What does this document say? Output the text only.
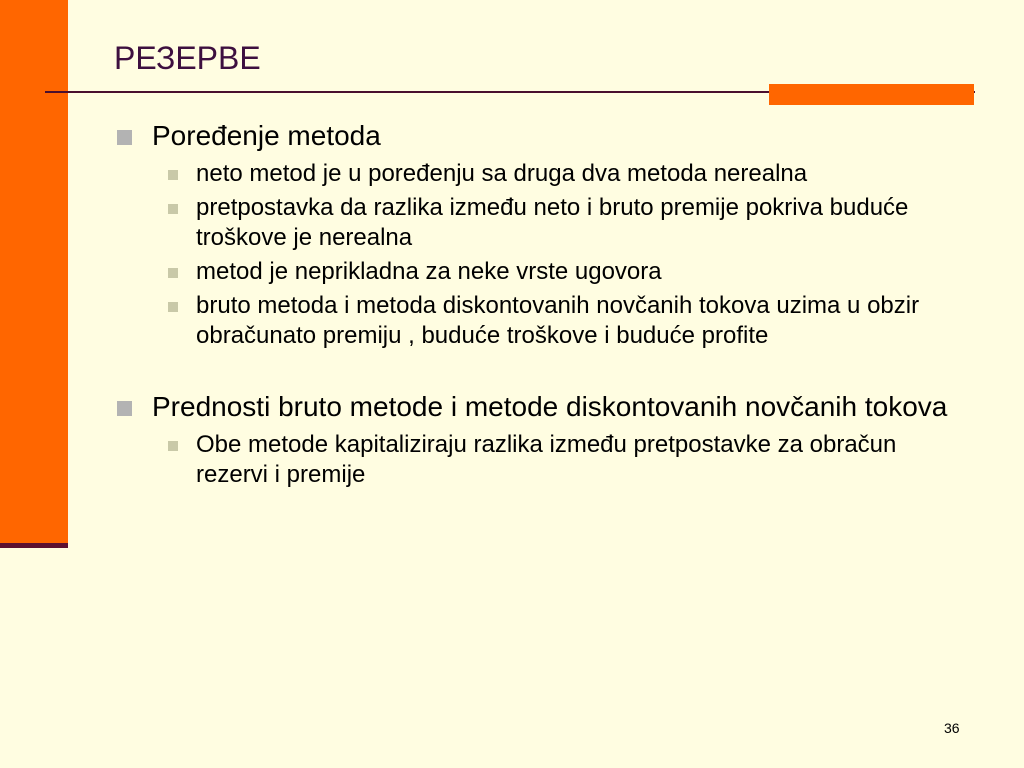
РЕЗЕРВЕ
Poređenje metoda
neto metod je u poređenju sa druga dva metoda nerealna
pretpostavka da razlika između neto i bruto premije pokriva buduće troškove je nerealna
metod je neprikladna za neke vrste ugovora
bruto metoda i metoda diskontovanih novčanih tokova uzima u obzir obračunato premiju , buduće troškove i buduće profite
Prednosti bruto metode i metode diskontovanih novčanih tokova
Obe metode kapitaliziraju razlika između pretpostavke za obračun rezervi i premije
36
